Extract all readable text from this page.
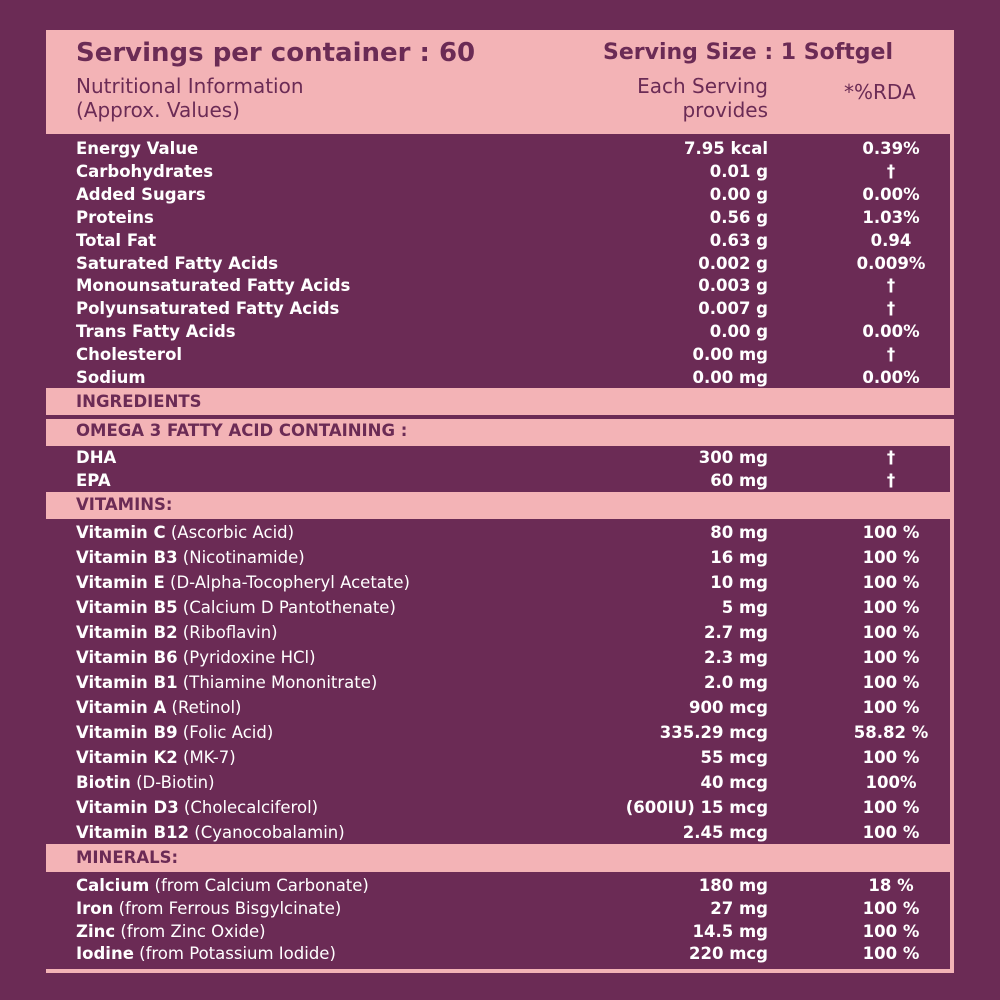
Servings per container : 60	Serving Size : 1 Softgel
Nutritional Information
(Approx. Values)
Each Serving
provides
*%RDA
Energy Value	7.95 kcal	0.39%
Carbohydrates	0.01 g	†
Added Sugars	0.00 g	0.00%
Proteins	0.56 g	1.03%
Total Fat	0.63 g	0.94
Saturated Fatty Acids	0.002 g	0.009%
Monounsaturated Fatty Acids	0.003 g	†
Polyunsaturated Fatty Acids	0.007 g	†
Trans Fatty Acids	0.00 g	0.00%
Cholesterol	0.00 mg	†
Sodium	0.00 mg	0.00%
INGREDIENTS
OMEGA 3 FATTY ACID CONTAINING :
DHA	300 mg	†
EPA	60 mg	†
VITAMINS:
Vitamin C (Ascorbic Acid)	80 mg	100 %
Vitamin B3 (Nicotinamide)	16 mg	100 %
Vitamin E (D-Alpha-Tocopheryl Acetate)	10 mg	100 %
Vitamin B5 (Calcium D Pantothenate)	5 mg	100 %
Vitamin B2 (Riboflavin)	2.7 mg	100 %
Vitamin B6 (Pyridoxine HCl)	2.3 mg	100 %
Vitamin B1 (Thiamine Mononitrate)	2.0 mg	100 %
Vitamin A (Retinol)	900 mcg	100 %
Vitamin B9 (Folic Acid)	335.29 mcg	58.82 %
Vitamin K2 (MK-7)	55 mcg	100 %
Biotin (D-Biotin)	40 mcg	100%
Vitamin D3 (Cholecalciferol)	(600IU) 15 mcg	100 %
Vitamin B12 (Cyanocobalamin)	2.45 mcg	100 %
MINERALS:
Calcium (from Calcium Carbonate)	180 mg	18 %
Iron (from Ferrous Bisgylcinate)	27 mg	100 %
Zinc (from Zinc Oxide)	14.5 mg	100 %
Iodine (from Potassium Iodide)	220 mcg	100 %
